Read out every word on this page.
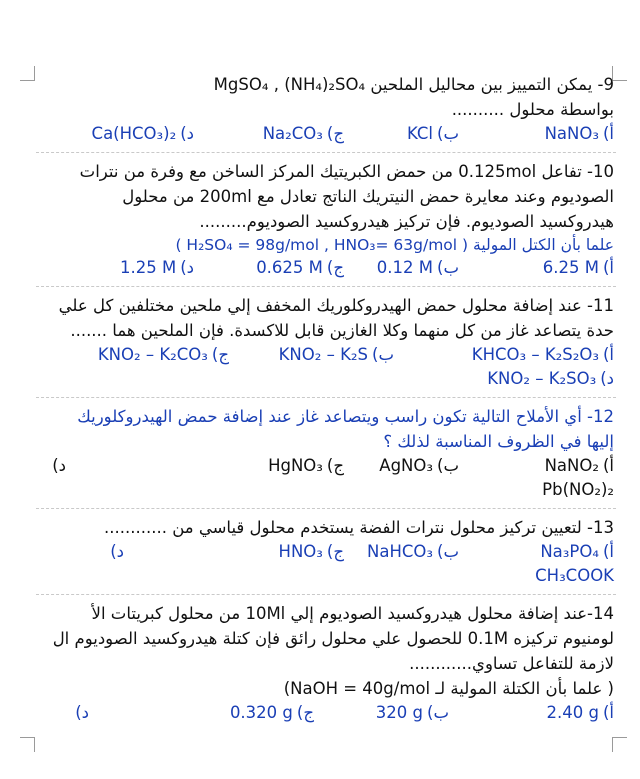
9- يمكن التمييز بين محاليل الملحين MgSO₄ , (NH₄)₂SO₄
بواسطة محلول ..........
أ)NaNO₃
ب)KCl
ج)Na₂CO₃
د)Ca(HCO₃)₂
10- تفاعل 0.125mol من حمض الكبريتيك المركز الساخن مع وفرة من نترات
الصوديوم وعند معايرة حمض النيتريك الناتج تعادل مع 200ml من محلول
هيدروكسيد الصوديوم. فإن تركيز هيدروكسيد الصوديوم.........
علما بأن الكتل المولية ( H₂SO₄ = 98g/mol , HNO₃= 63g/mol )
أ)6.25 M
ب)0.12 M
ج)0.625 M
د)1.25 M
11- عند إضافة محلول حمض الهيدروكلوريك المخفف إلي ملحين مختلفين كل علي
حدة يتصاعد غاز من كل منهما وكلا الغازين قابل للاكسدة. فإن الملحين هما .......
أ)KHCO₃ – K₂S₂O₃
ب)KNO₂ – K₂S
ج)KNO₂ – K₂CO₃
د)KNO₂ – K₂SO₃
12- أي الأملاح التالية تكون راسب ويتصاعد غاز عند إضافة حمض الهيدروكلوريك
إليها في الظروف المناسبة لذلك ؟
أ)NaNO₂
ب)AgNO₃
ج)HgNO₃
د)
Pb(NO₂)₂
13- لتعيين تركيز محلول نترات الفضة يستخدم محلول قياسي من ............
أ)Na₃PO₄
ب)NaHCO₃
ج)HNO₃
د)
CH₃COOK
14-عند إضافة محلول هيدروكسيد الصوديوم إلي 10Ml من محلول كبريتات الأ
لومنيوم تركيزه 0.1M للحصول علي محلول رائق فإن كتلة هيدروكسيد الصوديوم ال
لازمة للتفاعل تساوي............
( علما بأن الكتلة المولية لـ NaOH = 40g/mol)
أ)2.40 g
ب)320 g
ج)0.320 g
د)
